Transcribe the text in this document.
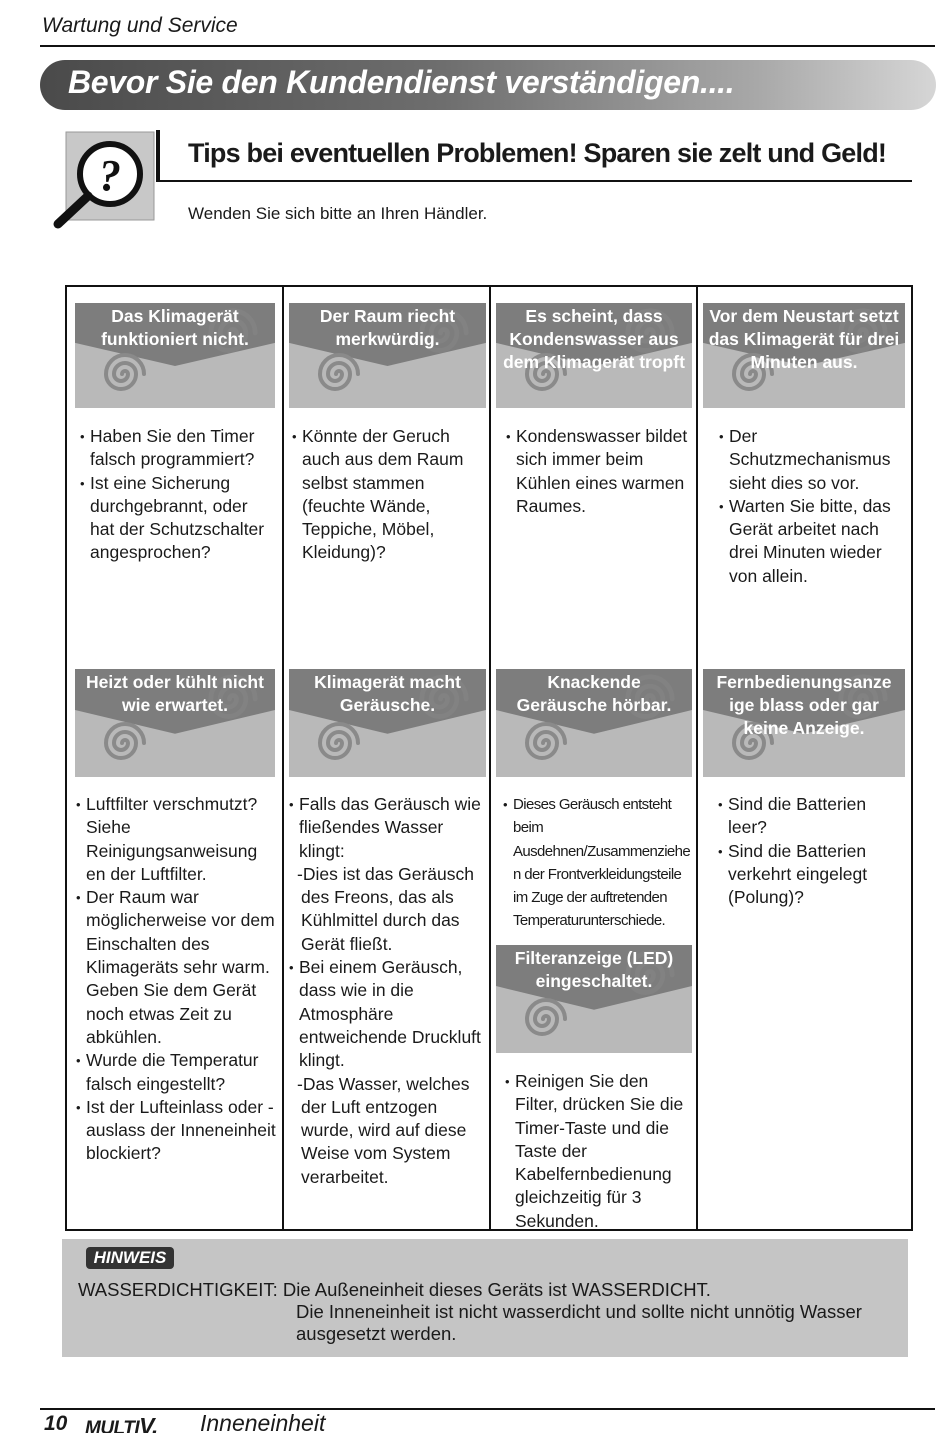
Wartung und Service
Bevor Sie den Kundendienst verständigen....
? Tips bei eventuellen Problemen! Sparen sie zelt und Geld!
Wenden Sie sich bitte an Ihren Händler.
Das Klimagerät funktioniert nicht.
• Haben Sie den Timer falsch programmiert?
• Ist eine Sicherung durchgebrannt, oder hat der Schutzschalter angesprochen?
Der Raum riecht merkwürdig.
• Könnte der Geruch auch aus dem Raum selbst stammen (feuchte Wände, Teppiche, Möbel, Kleidung)?
Es scheint, dass Kondenswasser aus dem Klimagerät tropft
• Kondenswasser bildet sich immer beim Kühlen eines warmen Raumes.
Vor dem Neustart setzt das Klimagerät für drei Minuten aus.
• Der Schutzmechanismus sieht dies so vor.
• Warten Sie bitte, das Gerät arbeitet nach drei Minuten wieder von allein.
Heizt oder kühlt nicht wie erwartet.
• Luftfilter verschmutzt?
Siehe Reinigungsanweisung en der Luftfilter.
• Der Raum war möglicherweise vor dem Einschalten des Klimageräts sehr warm.
Geben Sie dem Gerät noch etwas Zeit zu abkühlen.
• Wurde die Temperatur falsch eingestellt?
• Ist der Lufteinlass oder -auslass der Inneneinheit blockiert?
Klimagerät macht Geräusche.
• Falls das Geräusch wie fließendes Wasser klingt:
-Dies ist das Geräusch des Freons, das als Kühlmittel durch das Gerät fließt.
• Bei einem Geräusch, dass wie in die Atmosphäre entweichende Druckluft klingt.
-Das Wasser, welches der Luft entzogen wurde, wird auf diese Weise vom System verarbeitet.
Knackende Geräusche hörbar.
• Dieses Geräusch entsteht beim Ausdehnen/Zusammenziehe n der Frontverkleidungsteile im Zuge der auftretenden Temperaturunterschiede.
Fernbedienungsanze ige blass oder gar keine Anzeige.
• Sind die Batterien leer?
• Sind die Batterien verkehrt eingelegt (Polung)?
Filteranzeige (LED) eingeschaltet.
• Reinigen Sie den Filter, drücken Sie die Timer-Taste und die Taste der Kabelfernbedienung gleichzeitig für 3 Sekunden.
HINWEIS
WASSERDICHTIGKEIT: Die Außeneinheit dieses Geräts ist WASSERDICHT.
Die Inneneinheit ist nicht wasserdicht und sollte nicht unnötig Wasser ausgesetzt werden.
10 MULTIV. Inneneinheit
